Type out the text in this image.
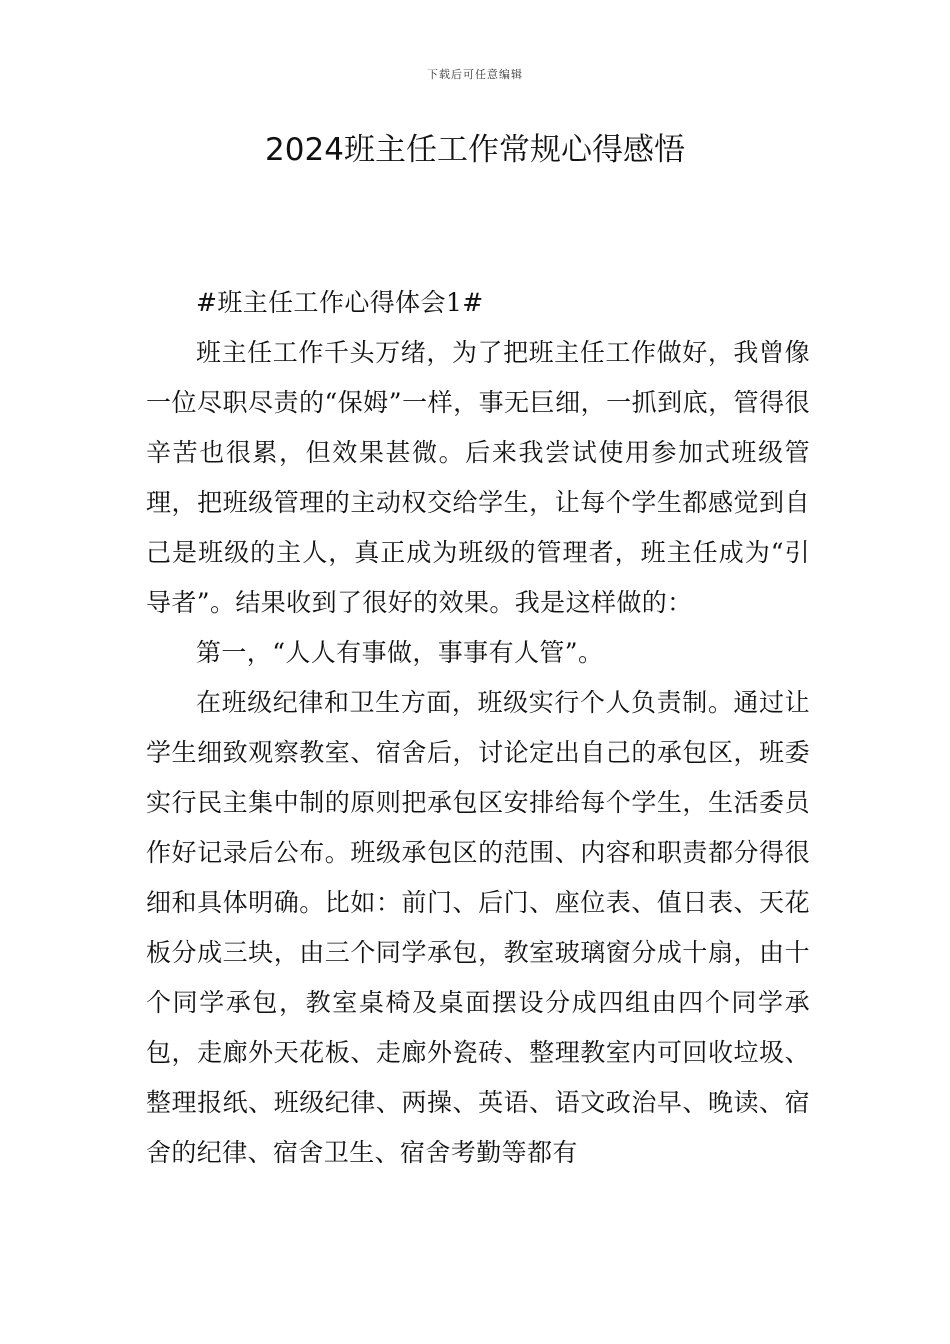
下载后可任意编辑
2024班主任工作常规心得感悟

#班主任工作心得体会1#

班主任工作千头万绪，为了把班主任工作做好，我曾像一位尽职尽责的“保姆”一样，事无巨细，一抓到底，管得很辛苦也很累，但效果甚微。后来我尝试使用参加式班级管理，把班级管理的主动权交给学生，让每个学生都感觉到自己是班级的主人，真正成为班级的管理者，班主任成为“引导者”。结果收到了很好的效果。我是这样做的：

第一，“人人有事做，事事有人管”。

在班级纪律和卫生方面，班级实行个人负责制。通过让学生细致观察教室、宿舍后，讨论定出自己的承包区，班委实行民主集中制的原则把承包区安排给每个学生，生活委员作好记录后公布。班级承包区的范围、内容和职责都分得很细和具体明确。比如：前门、后门、座位表、值日表、天花板分成三块，由三个同学承包，教室玻璃窗分成十扇，由十个同学承包，教室桌椅及桌面摆设分成四组由四个同学承包，走廊外天花板、走廊外瓷砖、整理教室内可回收垃圾、整理报纸、班级纪律、两操、英语、语文政治早、晚读、宿舍的纪律、宿舍卫生、宿舍考勤等都有
